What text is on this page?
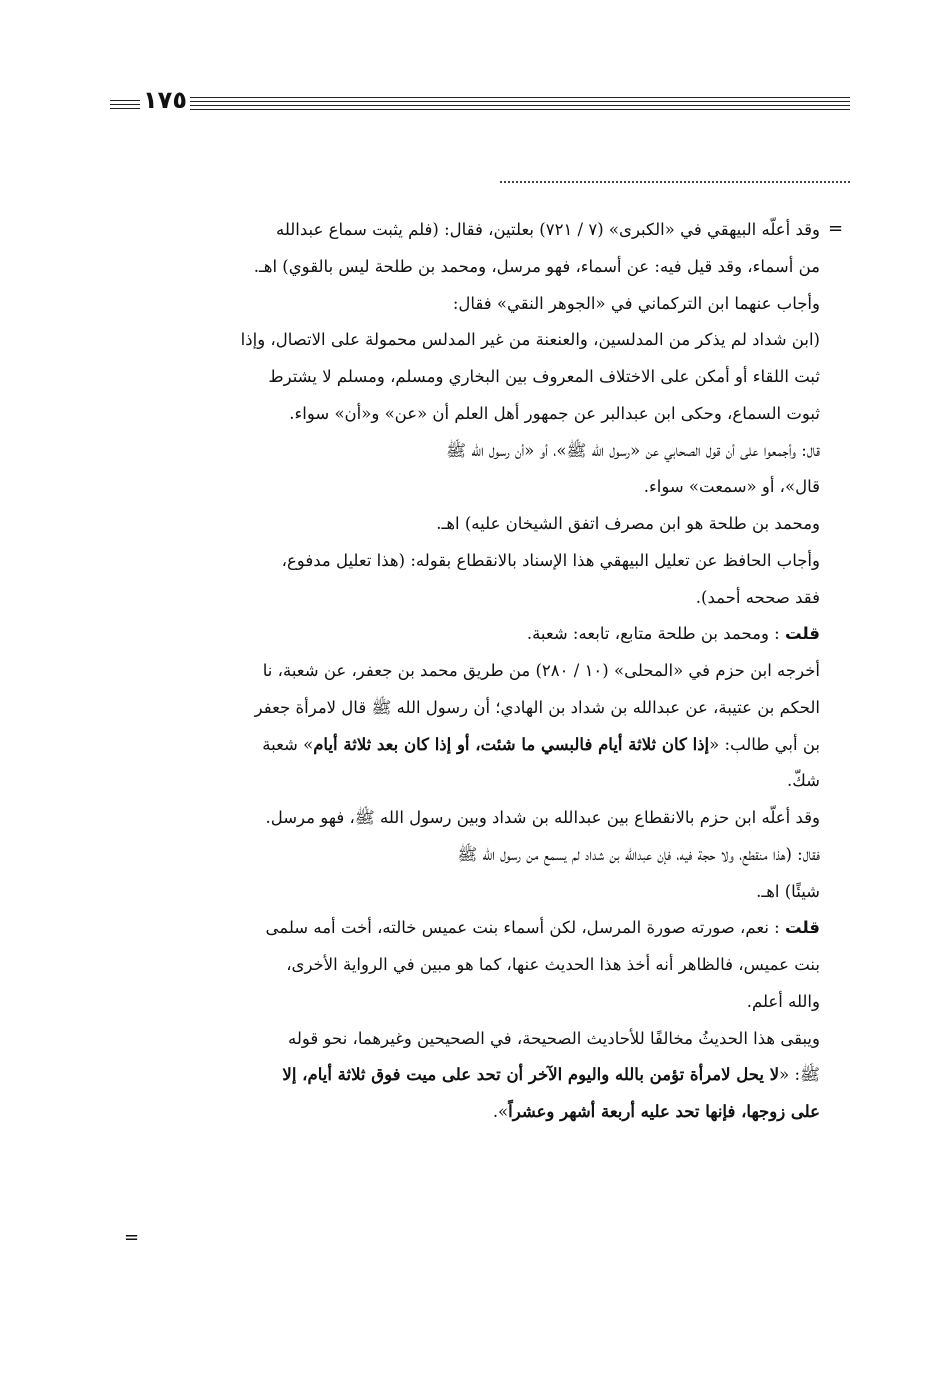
١٧٥
=
وقد أعلّه البيهقي في «الكبرى» (٧ / ٧٢١) بعلتين، فقال: (فلم يثبت سماع عبدالله
من أسماء، وقد قيل فيه: عن أسماء، فهو مرسل، ومحمد بن طلحة ليس بالقوي) اهـ.
وأجاب عنهما ابن التركماني في «الجوهر النقي» فقال:
(ابن شداد لم يذكر من المدلسين، والعنعنة من غير المدلس محمولة على الاتصال، وإذا
ثبت اللقاء أو أمكن على الاختلاف المعروف بين البخاري ومسلم، ومسلم لا يشترط
ثبوت السماع، وحكى ابن عبدالبر عن جمهور أهل العلم أن «عن» و«أن» سواء.
قال: وأجمعوا على أن قول الصحابي عن «رسول الله ﷺ»، أو «أن رسول الله ﷺ
قال»، أو «سمعت» سواء.
ومحمد بن طلحة هو ابن مصرف اتفق الشيخان عليه) اهـ.
وأجاب الحافظ عن تعليل البيهقي هذا الإسناد بالانقطاع بقوله: (هذا تعليل مدفوع،
فقد صححه أحمد).
قلت : ومحمد بن طلحة متابع، تابعه: شعبة.
أخرجه ابن حزم في «المحلى» (١٠ / ٢٨٠) من طريق محمد بن جعفر، عن شعبة، نا
الحكم بن عتيبة، عن عبدالله بن شداد بن الهادي؛ أن رسول الله ﷺ قال لامرأة جعفر
بن أبي طالب: «إذا كان ثلاثة أيام فالبسي ما شئت، أو إذا كان بعد ثلاثة أيام» شعبة
شكّ.
وقد أعلّه ابن حزم بالانقطاع بين عبدالله بن شداد وبين رسول الله ﷺ، فهو مرسل.
فقال: (هذا منقطع، ولا حجة فيه، فإن عبدالله بن شداد لم يسمع من رسول الله ﷺ
شيئًا) اهـ.
قلت : نعم، صورته صورة المرسل، لكن أسماء بنت عميس خالته، أخت أمه سلمى
بنت عميس، فالظاهر أنه أخذ هذا الحديث عنها، كما هو مبين في الرواية الأخرى،
والله أعلم.
ويبقى هذا الحديثُ مخالفًا للأحاديث الصحيحة، في الصحيحين وغيرهما، نحو قوله
ﷺ: «لا يحل لامرأة تؤمن بالله واليوم الآخر أن تحد على ميت فوق ثلاثة أيام، إلا
على زوجها، فإنها تحد عليه أربعة أشهر وعشراً».
=
